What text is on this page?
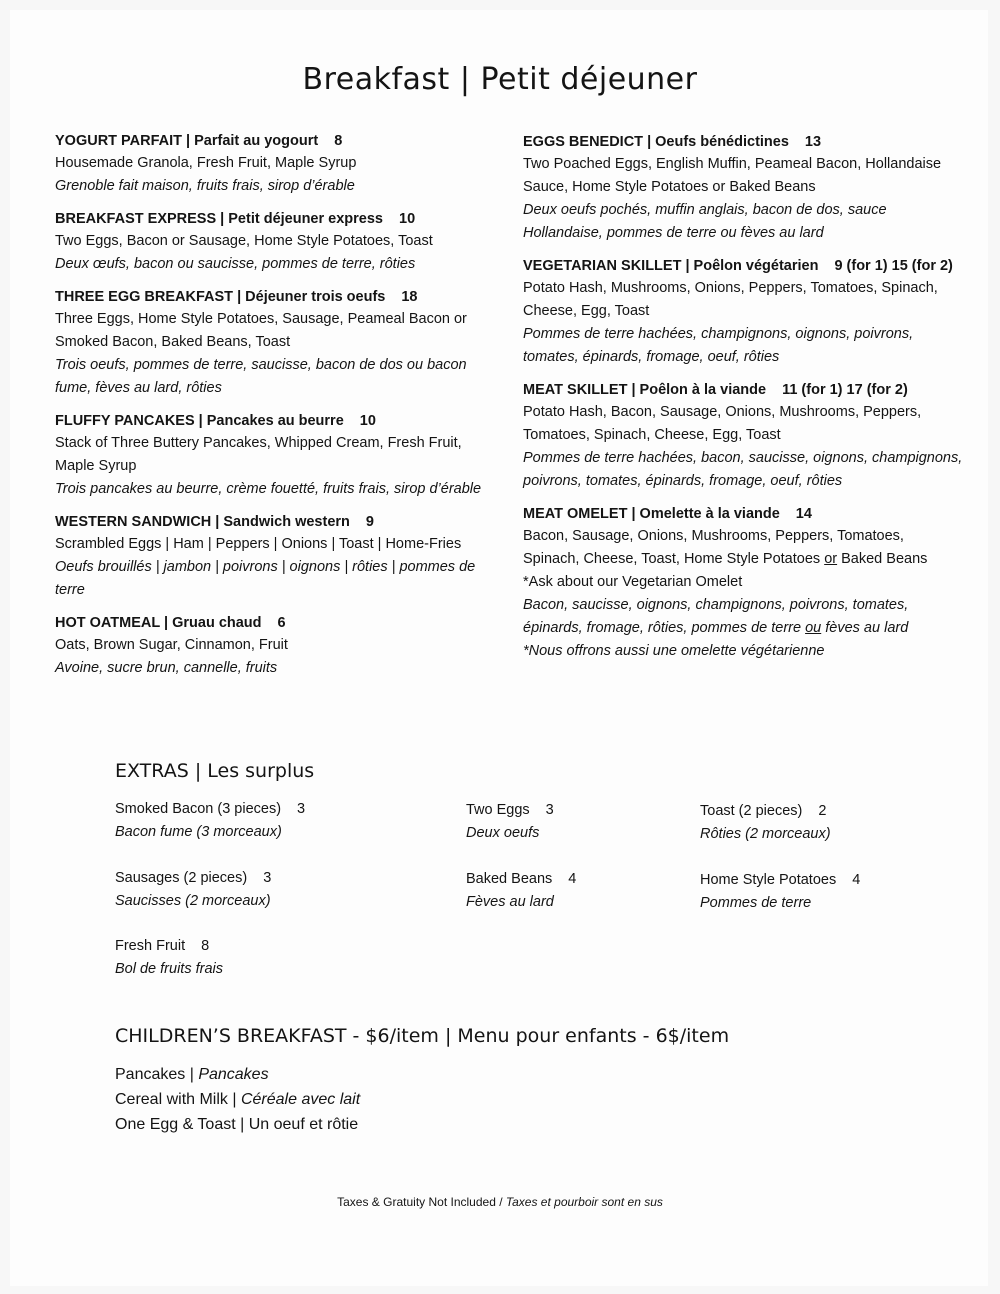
Breakfast | Petit déjeuner
YOGURT PARFAIT | Parfait au yogourt 8
Housemade Granola, Fresh Fruit, Maple Syrup
Grenoble fait maison, fruits frais, sirop d’érable
BREAKFAST EXPRESS | Petit déjeuner express 10
Two Eggs, Bacon or Sausage, Home Style Potatoes, Toast
Deux œufs, bacon ou saucisse, pommes de terre, rôties
THREE EGG BREAKFAST | Déjeuner trois oeufs 18
Three Eggs, Home Style Potatoes, Sausage, Peameal Bacon or Smoked Bacon, Baked Beans, Toast
Trois oeufs, pommes de terre, saucisse, bacon de dos ou bacon fume, fèves au lard, rôties
FLUFFY PANCAKES | Pancakes au beurre 10
Stack of Three Buttery Pancakes, Whipped Cream, Fresh Fruit, Maple Syrup
Trois pancakes au beurre, crème fouetté, fruits frais, sirop d’érable
WESTERN SANDWICH | Sandwich western 9
Scrambled Eggs | Ham | Peppers | Onions | Toast | Home-Fries
Oeufs brouillés | jambon | poivrons | oignons | rôties | pommes de terre
HOT OATMEAL | Gruau chaud 6
Oats, Brown Sugar, Cinnamon, Fruit
Avoine, sucre brun, cannelle, fruits
EGGS BENEDICT | Oeufs bénédictines 13
Two Poached Eggs, English Muffin, Peameal Bacon, Hollandaise Sauce, Home Style Potatoes or Baked Beans
Deux oeufs pochés, muffin anglais, bacon de dos, sauce Hollandaise, pommes de terre ou fèves au lard
VEGETARIAN SKILLET | Poêlon végétarien 9 (for 1) 15 (for 2)
Potato Hash, Mushrooms, Onions, Peppers, Tomatoes, Spinach, Cheese, Egg, Toast
Pommes de terre hachées, champignons, oignons, poivrons, tomates, épinards, fromage, oeuf, rôties
MEAT SKILLET | Poêlon à la viande 11 (for 1) 17 (for 2)
Potato Hash, Bacon, Sausage, Onions, Mushrooms, Peppers, Tomatoes, Spinach, Cheese, Egg, Toast
Pommes de terre hachées, bacon, saucisse, oignons, champignons, poivrons, tomates, épinards, fromage, oeuf, rôties
MEAT OMELET | Omelette à la viande 14
Bacon, Sausage, Onions, Mushrooms, Peppers, Tomatoes, Spinach, Cheese, Toast, Home Style Potatoes or Baked Beans
*Ask about our Vegetarian Omelet
Bacon, saucisse, oignons, champignons, poivrons, tomates, épinards, fromage, rôties, pommes de terre ou fèves au lard
*Nous offrons aussi une omelette végétarienne
EXTRAS | Les surplus
Smoked Bacon (3 pieces) 3
Bacon fume (3 morceaux)
Two Eggs 3
Deux oeufs
Toast (2 pieces) 2
Rôties (2 morceaux)
Sausages (2 pieces) 3
Saucisses (2 morceaux)
Baked Beans 4
Fèves au lard
Home Style Potatoes 4
Pommes de terre
Fresh Fruit 8
Bol de fruits frais
CHILDREN’S BREAKFAST - $6/item | Menu pour enfants - 6$/item
Pancakes | Pancakes
Cereal with Milk | Céréale avec lait
One Egg & Toast | Un oeuf et rôtie
Taxes & Gratuity Not Included / Taxes et pourboir sont en sus
